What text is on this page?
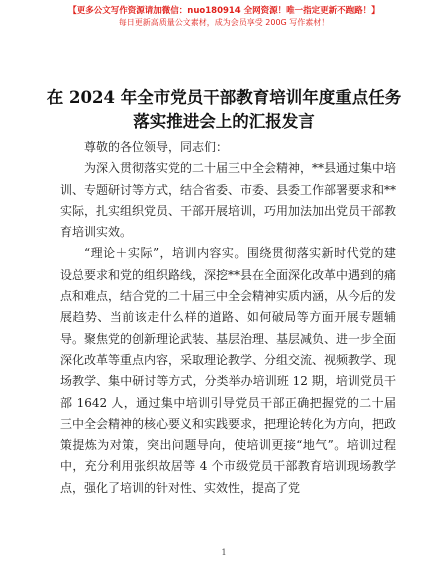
【更多公文写作资源请加微信：nuo180914 全网资源！唯一指定更新不跑路！】
每日更新高质量公文素材，成为会员享受 200G 写作素材！
在 2024 年全市党员干部教育培训年度重点任务
落实推进会上的汇报发言

尊敬的各位领导，同志们：

为深入贯彻落实党的二十届三中全会精神，**县通过集中培训、专题研讨等方式，结合省委、市委、县委工作部署要求和**实际，扎实组织党员、干部开展培训，巧用加法加出党员干部教育培训实效。

“理论＋实际”，培训内容实。围绕贯彻落实新时代党的建设总要求和党的组织路线，深挖**县在全面深化改革中遇到的痛点和难点，结合党的二十届三中全会精神实质内涵，从今后的发展趋势、当前该走什么样的道路、如何破局等方面开展专题辅导。聚焦党的创新理论武装、基层治理、基层减负、进一步全面深化改革等重点内容，采取理论教学、分组交流、视频教学、现场教学、集中研讨等方式，分类举办培训班 12 期，培训党员干部 1642 人，通过集中培训引导党员干部正确把握党的二十届三中全会精神的核心要义和实践要求，把理论转化为方向，把政策提炼为对策，突出问题导向，使培训更接“地气”。培训过程中，充分利用张织故居等 4 个市级党员干部教育培训现场教学点，强化了培训的针对性、实效性，提高了党

1
